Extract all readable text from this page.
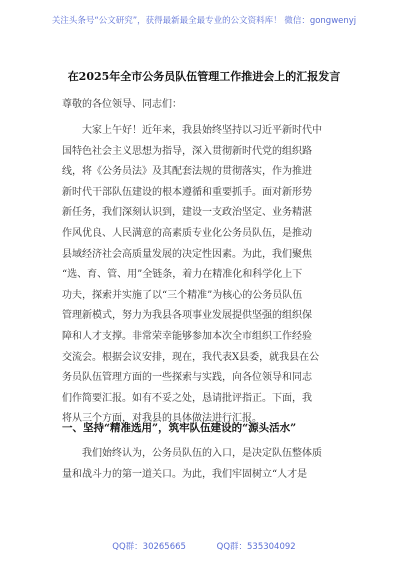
关注头条号“公文研究”，获得最新最全最专业的公文资料库！ 微信：gongwenyj
在2025年全市公务员队伍管理工作推进会上的汇报发言
尊敬的各位领导、同志们：
大家上午好！近年来，我县始终坚持以习近平新时代中
国特色社会主义思想为指导，深入贯彻新时代党的组织路
线，将《公务员法》及其配套法规的贯彻落实，作为推进
新时代干部队伍建设的根本遵循和重要抓手。面对新形势
新任务，我们深刻认识到，建设一支政治坚定、业务精湛
作风优良、人民满意的高素质专业化公务员队伍，是推动
县域经济社会高质量发展的决定性因素。为此，我们聚焦
“选、育、管、用”全链条，着力在精准化和科学化上下
功夫，探索并实施了以“三个精准”为核心的公务员队伍
管理新模式，努力为我县各项事业发展提供坚强的组织保
障和人才支撑。非常荣幸能够参加本次全市组织工作经验
交流会。根据会议安排，现在，我代表X县委，就我县在公
务员队伍管理方面的一些探索与实践，向各位领导和同志
们作简要汇报。如有不妥之处，恳请批评指正。下面，我
将从三个方面，对我县的具体做法进行汇报。
一、坚持“精准选用”，筑牢队伍建设的“源头活水”
我们始终认为，公务员队伍的入口，是决定队伍整体质
量和战斗力的第一道关口。为此，我们牢固树立“人才是
QQ群：30265665	QQ群：535304092
